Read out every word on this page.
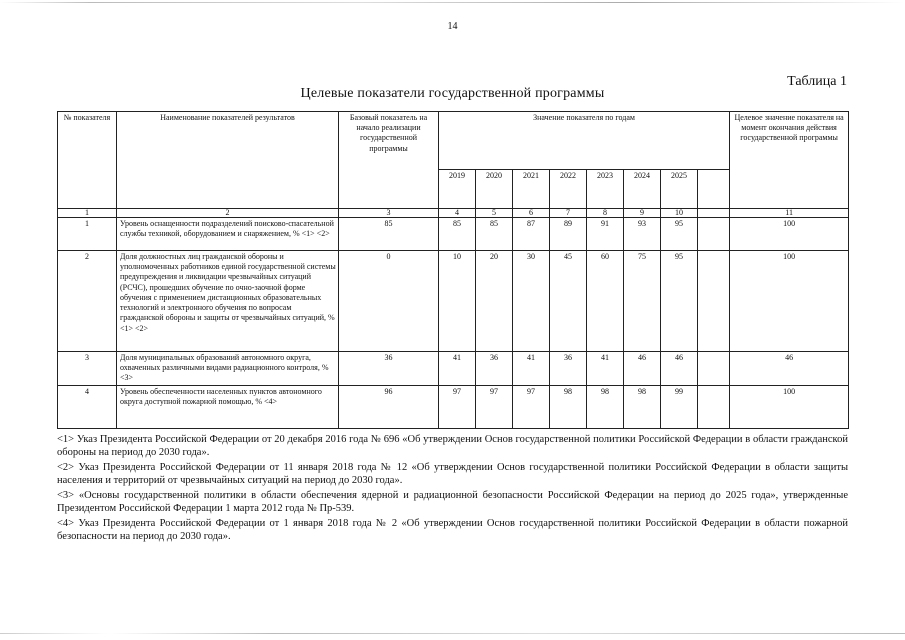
14
Таблица 1
Целевые показатели государственной программы
№ показателя	Наименование показателей результатов	Базовый показатель на начало реализации государственной программы	Значение показателя по годам								Целевое значение показателя на момент окончания действия государственной программы
			2019	2020	2021	2022	2023	2024	2025		
1	2	3	4	5	6	7	8	9	10		11
1	Уровень оснащенности подразделений поисково-спасательной службы техникой, оборудованием и снаряжением, % <1> <2>	85	85	85	87	89	91	93	95		100
2	Доля должностных лиц гражданской обороны и уполномоченных работников единой государственной системы предупреждения и ликвидации чрезвычайных ситуаций (РСЧС), прошедших обучение по очно-заочной форме обучения с применением дистанционных образовательных технологий и электронного обучения по вопросам гражданской обороны и защиты от чрезвычайных ситуаций, % <1> <2>	0	10	20	30	45	60	75	95		100
3	Доля муниципальных образований автономного округа, охваченных различными видами радиационного контроля, % <3>	36	41	36	41	36	41	46	46		46
4	Уровень обеспеченности населенных пунктов автономного округа доступной пожарной помощью, % <4>	96	97	97	97	98	98	98	99		100

<1> Указ Президента Российской Федерации от 20 декабря 2016 года № 696 «Об утверждении Основ государственной политики Российской Федерации в области гражданской обороны на период до 2030 года».

<2> Указ Президента Российской Федерации от 11 января 2018 года № 12 «Об утверждении Основ государственной политики Российской Федерации в области защиты населения и территорий от чрезвычайных ситуаций на период до 2030 года».

<3> «Основы государственной политики в области обеспечения ядерной и радиационной безопасности Российской Федерации на период до 2025 года», утвержденные Президентом Российской Федерации 1 марта 2012 года № Пр-539.

<4> Указ Президента Российской Федерации от 1 января 2018 года № 2 «Об утверждении Основ государственной политики Российской Федерации в области пожарной безопасности на период до 2030 года».
